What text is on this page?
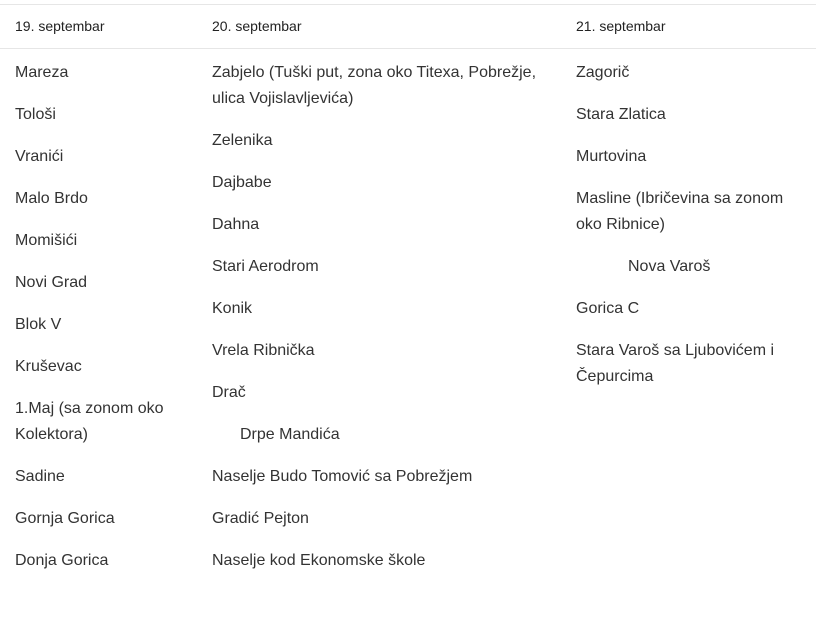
19. septembar	20. septembar	21. septembar
Mareza
Tološi
Vranići
Malo Brdo
Momišići
Novi Grad
Blok V
Kruševac
1.Maj (sa zonom oko Kolektora)
Sadine
Gornja Gorica
Donja Gorica
Zabjelo (Tuški put, zona oko Titexa, Pobrežje, ulica Vojislavljevića)
Zelenika
Dajbabe
Dahna
Stari Aerodrom
Konik
Vrela Ribnička
Drač
Drpe Mandića
Naselje Budo Tomović sa Pobrežjem
Gradić Pejton
Naselje kod Ekonomske škole
Zagorič
Stara Zlatica
Murtovina
Masline (Ibričevina sa zonom oko Ribnice)
Nova Varoš
Gorica C
Stara Varoš sa Ljubovićem i Čepurcima
